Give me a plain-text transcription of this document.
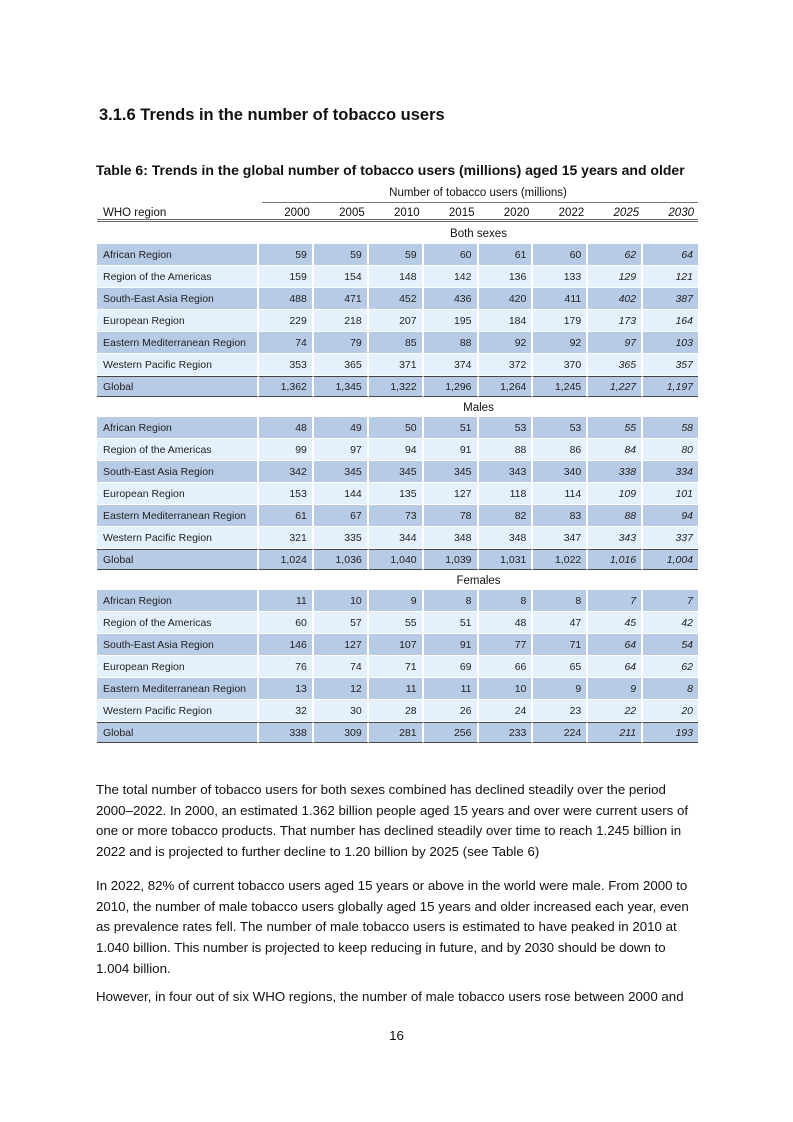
3.1.6 Trends in the number of tobacco users
Table 6: Trends in the global number of tobacco users (millions) aged 15 years and older
Number of tobacco users (millions)
WHO region	2000	2005	2010	2015	2020	2022	2025	2030
	Both sexes							
African Region	59	59	59	60	61	60	62	64
Region of the Americas	159	154	148	142	136	133	129	121
South-East Asia Region	488	471	452	436	420	411	402	387
European Region	229	218	207	195	184	179	173	164
Eastern Mediterranean Region	74	79	85	88	92	92	97	103
Western Pacific Region	353	365	371	374	372	370	365	357
Global	1,362	1,345	1,322	1,296	1,264	1,245	1,227	1,197
	Males							
African Region	48	49	50	51	53	53	55	58
Region of the Americas	99	97	94	91	88	86	84	80
South-East Asia Region	342	345	345	345	343	340	338	334
European Region	153	144	135	127	118	114	109	101
Eastern Mediterranean Region	61	67	73	78	82	83	88	94
Western Pacific Region	321	335	344	348	348	347	343	337
Global	1,024	1,036	1,040	1,039	1,031	1,022	1,016	1,004
	Females							
African Region	11	10	9	8	8	8	7	7
Region of the Americas	60	57	55	51	48	47	45	42
South-East Asia Region	146	127	107	91	77	71	64	54
European Region	76	74	71	69	66	65	64	62
Eastern Mediterranean Region	13	12	11	11	10	9	9	8
Western Pacific Region	32	30	28	26	24	23	22	20
Global	338	309	281	256	233	224	211	193

The total number of tobacco users for both sexes combined has declined steadily over the period 2000–2022. In 2000, an estimated 1.362 billion people aged 15 years and over were current users of one or more tobacco products. That number has declined steadily over time to reach 1.245 billion in 2022 and is projected to further decline to 1.20 billion by 2025 (see Table 6)

In 2022, 82% of current tobacco users aged 15 years or above in the world were male. From 2000 to 2010, the number of male tobacco users globally aged 15 years and older increased each year, even as prevalence rates fell. The number of male tobacco users is estimated to have peaked in 2010 at 1.040 billion. This number is projected to keep reducing in future, and by 2030 should be down to 1.004 billion.

However, in four out of six WHO regions, the number of male tobacco users rose between 2000 and

16
